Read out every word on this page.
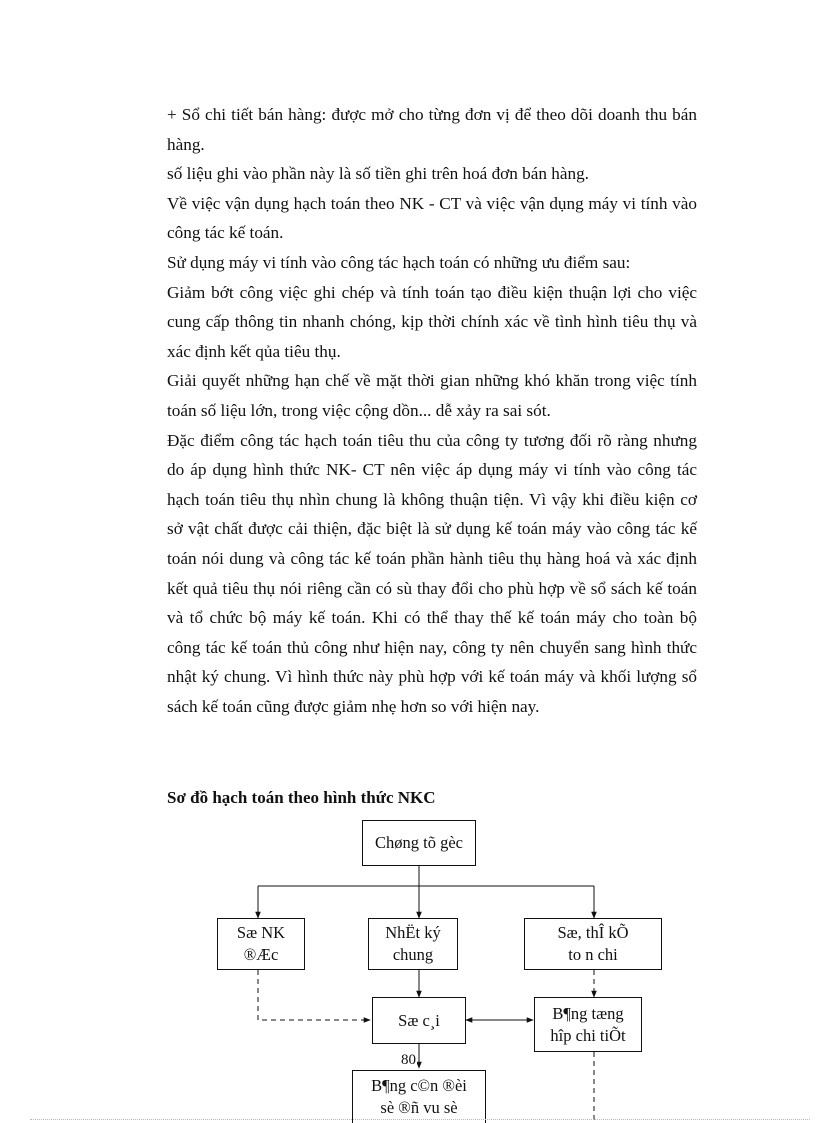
+ Sổ chi tiết bán hàng: được mở cho từng đơn vị để theo dõi doanh thu bán hàng.

số liệu ghi vào phần này là số tiền ghi trên hoá đơn bán hàng.

Về việc vận dụng hạch toán theo NK - CT và việc vận dụng máy vi tính vào công tác kế toán.

Sử dụng máy vi tính vào công tác hạch toán có những ưu điểm sau:

Giảm bớt công việc ghi chép và tính toán tạo điều kiện thuận lợi cho việc cung cấp thông tin nhanh chóng, kịp thời chính xác về tình hình tiêu thụ và xác định kết qủa tiêu thụ.

Giải quyết những hạn chế về mặt thời gian những khó khăn trong việc tính toán số liệu lớn, trong việc cộng dồn... dễ xảy ra sai sót.

Đặc điểm công tác hạch toán tiêu thu của công ty tương đối rõ ràng nhưng do áp dụng hình thức NK- CT nên việc áp dụng máy vi tính vào công tác hạch toán tiêu thụ nhìn chung là không thuận tiện. Vì vậy khi điều kiện cơ sở vật chất được cải thiện, đặc biệt là sử dụng kế toán máy vào công tác kế toán nói dung và công tác kế toán phần hành tiêu thụ hàng hoá và xác định kết quả tiêu thụ nói riêng cần có sù thay đổi cho phù hợp về sổ sách kế toán và tổ chức bộ máy kế toán. Khi có thể thay thế kế toán máy cho toàn bộ công tác kế toán thủ công như hiện nay, công ty nên chuyển sang hình thức nhật ký chung. Vì hình thức này phù hợp với kế toán máy và khối lượng sổ sách kế toán cũng được giảm nhẹ hơn so với hiện nay.

Sơ đồ hạch toán theo hình thức NKC
Chøng tõ gèc
Sæ NK
®Æc
NhËt ký
chung
Sæ, thÎ kÕ
to n chi
Sæ c¸i	B¶ng tæng
hîp chi tiÕt
B¶ng c©n ®èi
sè ®ñ vu sè
80
